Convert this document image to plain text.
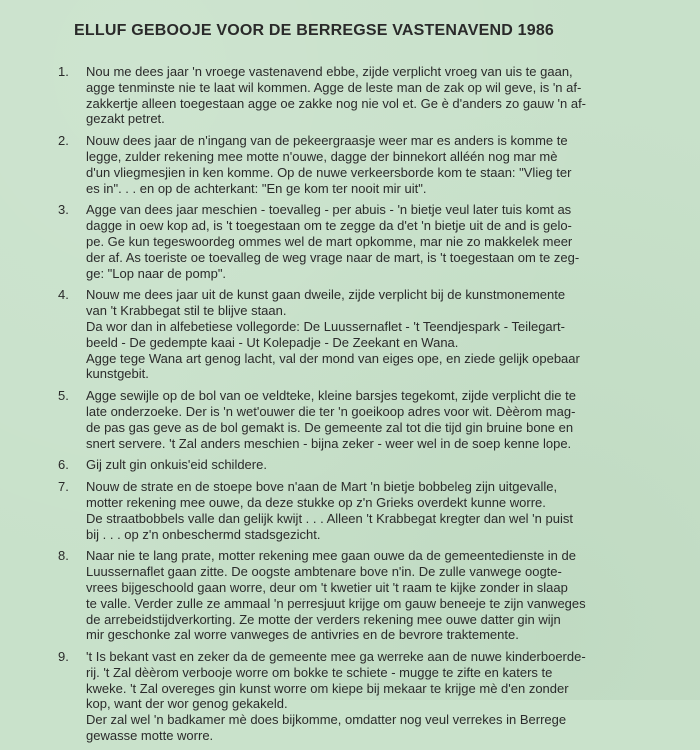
ELLUF GEBOOJE VOOR DE BERREGSE VASTENAVEND 1986
1.	Nou me dees jaar 'n vroege vastenavend ebbe, zijde verplicht vroeg van uis te gaan,
agge tenminste nie te laat wil kommen. Agge de leste man de zak op wil geve, is 'n af-
zakkertje alleen toegestaan agge oe zakke nog nie vol et. Ge è d'anders zo gauw 'n af-
gezakt petret.
2.	Nouw dees jaar de n'ingang van de pekeergraasje weer mar es anders is komme te
legge, zulder rekening mee motte n'ouwe, dagge der binnekort alléén nog mar mè
d'un vliegmesjien in ken komme. Op de nuwe verkeersborde kom te staan: "Vlieg ter
es in". . . en op de achterkant: "En ge kom ter nooit mir uit".
3.	Agge van dees jaar meschien - toevalleg - per abuis - 'n bietje veul later tuis komt as
dagge in oew kop ad, is 't toegestaan om te zegge da d'et 'n bietje uit de and is gelo-
pe. Ge kun tegeswoordeg ommes wel de mart opkomme, mar nie zo makkelek meer
der af. As toeriste oe toevalleg de weg vrage naar de mart, is 't toegestaan om te zeg-
ge: "Lop naar de pomp".
4.	Nouw me dees jaar uit de kunst gaan dweile, zijde verplicht bij de kunstmonemente
van 't Krabbegat stil te blijve staan.
Da wor dan in alfebetiese vollegorde: De Luussernaflet - 't Teendjespark - Teilegart-
beeld - De gedempte kaai - Ut Kolepadje - De Zeekant en Wana.
Agge tege Wana art genog lacht, val der mond van eiges ope, en ziede gelijk opebaar
kunstgebit.
5.	Agge sewijle op de bol van oe veldteke, kleine barsjes tegekomt, zijde verplicht die te
late onderzoeke. Der is 'n wet'ouwer die ter 'n goeikoop adres voor wit. Dèèrom mag-
de pas gas geve as de bol gemakt is. De gemeente zal tot die tijd gin bruine bone en
snert servere. 't Zal anders meschien - bijna zeker - weer wel in de soep kenne lope.
6.	Gij zult gin onkuis'eid schildere.
7.	Nouw de strate en de stoepe bove n'aan de Mart 'n bietje bobbeleg zijn uitgevalle,
motter rekening mee ouwe, da deze stukke op z'n Grieks overdekt kunne worre.
De straatbobbels valle dan gelijk kwijt . . . Alleen 't Krabbegat kregter dan wel 'n puist
bij . . . op z'n onbeschermd stadsgezicht.
8.	Naar nie te lang prate, motter rekening mee gaan ouwe da de gemeentedienste in de
Luussernaflet gaan zitte. De oogste ambtenare bove n'in. De zulle vanwege oogte-
vrees bijgeschoold gaan worre, deur om 't kwetier uit 't raam te kijke zonder in slaap
te valle. Verder zulle ze ammaal 'n perresjuut krijge om gauw beneeje te zijn vanweges
de arrebeidstijdverkorting. Ze motte der verders rekening mee ouwe datter gin wijn
mir geschonke zal worre vanweges de antivries en de bevrore traktemente.
9.	't Is bekant vast en zeker da de gemeente mee ga werreke aan de nuwe kinderboerde-
rij. 't Zal dèèrom verbooje worre om bokke te schiete - mugge te zifte en katers te
kweke. 't Zal overeges gin kunst worre om kiepe bij mekaar te krijge mè d'en zonder
kop, want der wor genog gekakeld.
Der zal wel 'n badkamer mè does bijkomme, omdatter nog veul verrekes in Berrege
gewasse motte worre.
